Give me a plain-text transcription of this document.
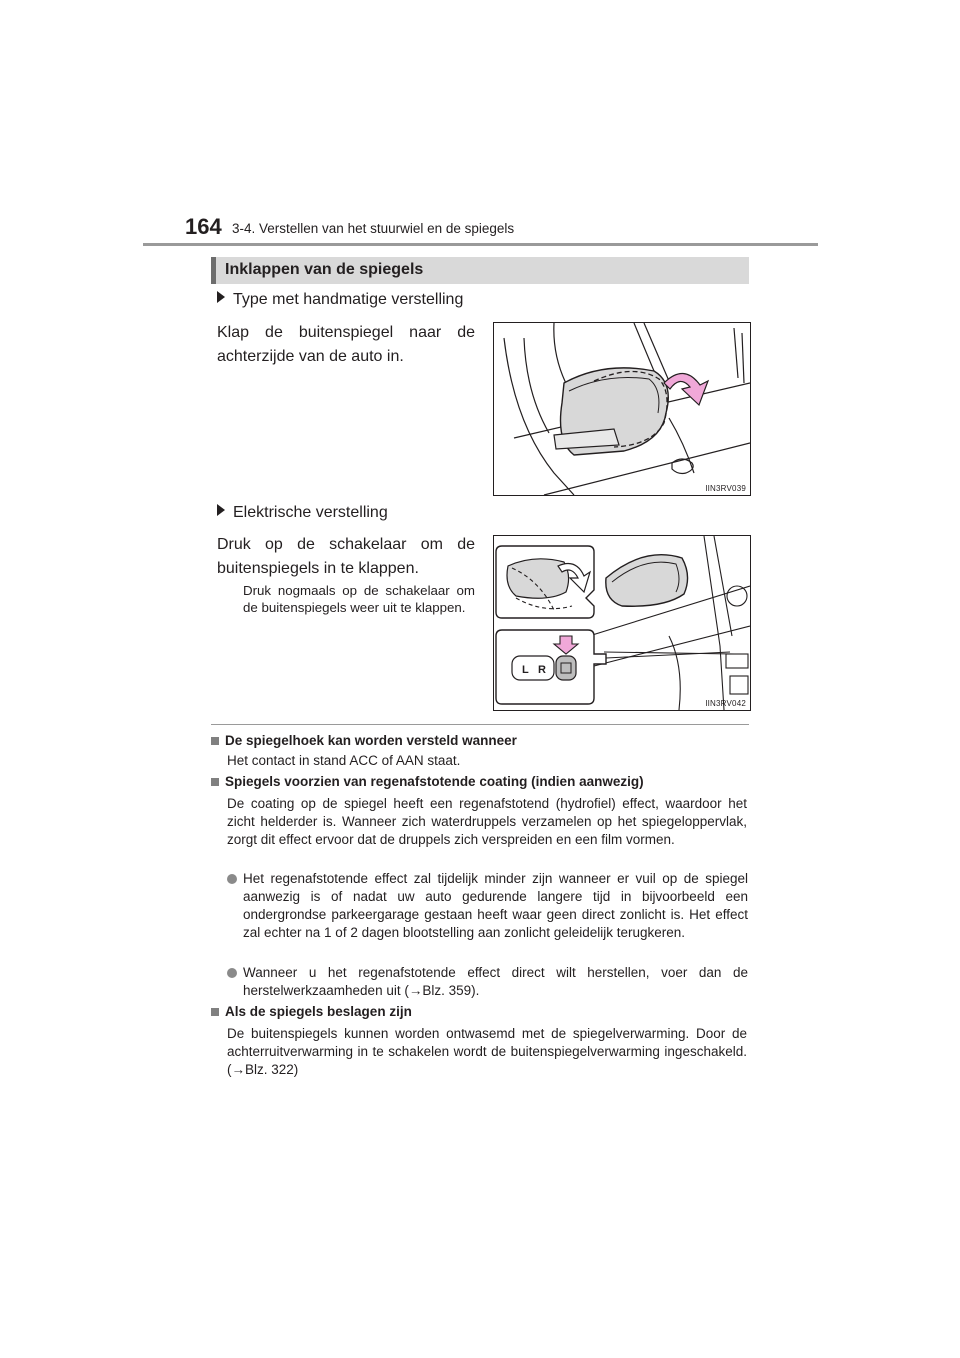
164 3-4. Verstellen van het stuurwiel en de spiegels
Inklappen van de spiegels
Type met handmatige verstelling
Klap de buitenspiegel naar de achterzijde van de auto in.
IIN3RV039
Elektrische verstelling
Druk op de schakelaar om de buitenspiegels in te klappen.
Druk nogmaals op de schakelaar om de buitenspiegels weer uit te klappen.
L R
IIN3RV042
De spiegelhoek kan worden versteld wanneer
Het contact in stand ACC of AAN staat.
Spiegels voorzien van regenafstotende coating (indien aanwezig)
De coating op de spiegel heeft een regenafstotend (hydrofiel) effect, waardoor het zicht helderder is. Wanneer zich waterdruppels verzamelen op het spiegeloppervlak, zorgt dit effect ervoor dat de druppels zich verspreiden en een film vormen.
Het regenafstotende effect zal tijdelijk minder zijn wanneer er vuil op de spiegel aanwezig is of nadat uw auto gedurende langere tijd in bijvoorbeeld een ondergrondse parkeergarage gestaan heeft waar geen direct zonlicht is. Het effect zal echter na 1 of 2 dagen blootstelling aan zonlicht geleidelijk terugkeren.
Wanneer u het regenafstotende effect direct wilt herstellen, voer dan de herstelwerkzaamheden uit (→Blz. 359).
Als de spiegels beslagen zijn
De buitenspiegels kunnen worden ontwasemd met de spiegelverwarming. Door de achterruitverwarming in te schakelen wordt de buitenspiegelverwarming ingeschakeld. (→Blz. 322)
